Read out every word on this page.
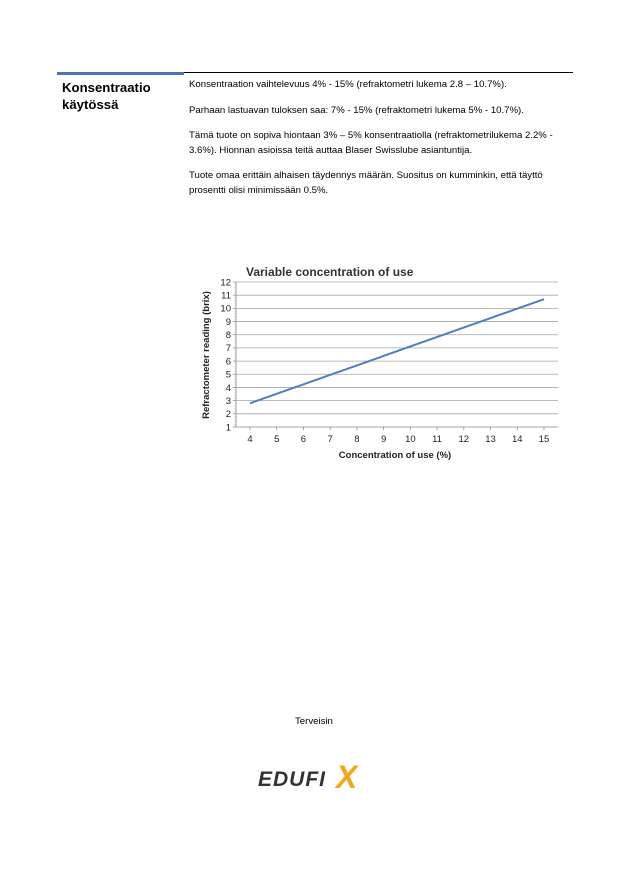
Konsentraatio
käytössä

Konsentraation vaihtelevuus 4% - 15% (refraktometri lukema 2.8 – 10.7%).

Parhaan lastuavan tuloksen saa: 7% - 15% (refraktometri lukema 5% - 10.7%).

Tämä tuote on sopiva hiontaan 3% – 5% konsentraatiolla (refraktometrilukema 2.2% - 3.6%). Hionnan asioissa teitä auttaa Blaser Swisslube asiantuntija.

Tuote omaa erittäin alhaisen täydennys määrän. Suositus on kumminkin, että täyttö prosentti olisi minimissään 0.5%.

Variable concentration of use
1
2
3
4
5
6
7
8
9
10
11
12
4 5 6 7 8 9 10 11 12 13 14 15
Concentration of use (%)
Refractometer reading (brix)
Terveisin
EDUFI X
